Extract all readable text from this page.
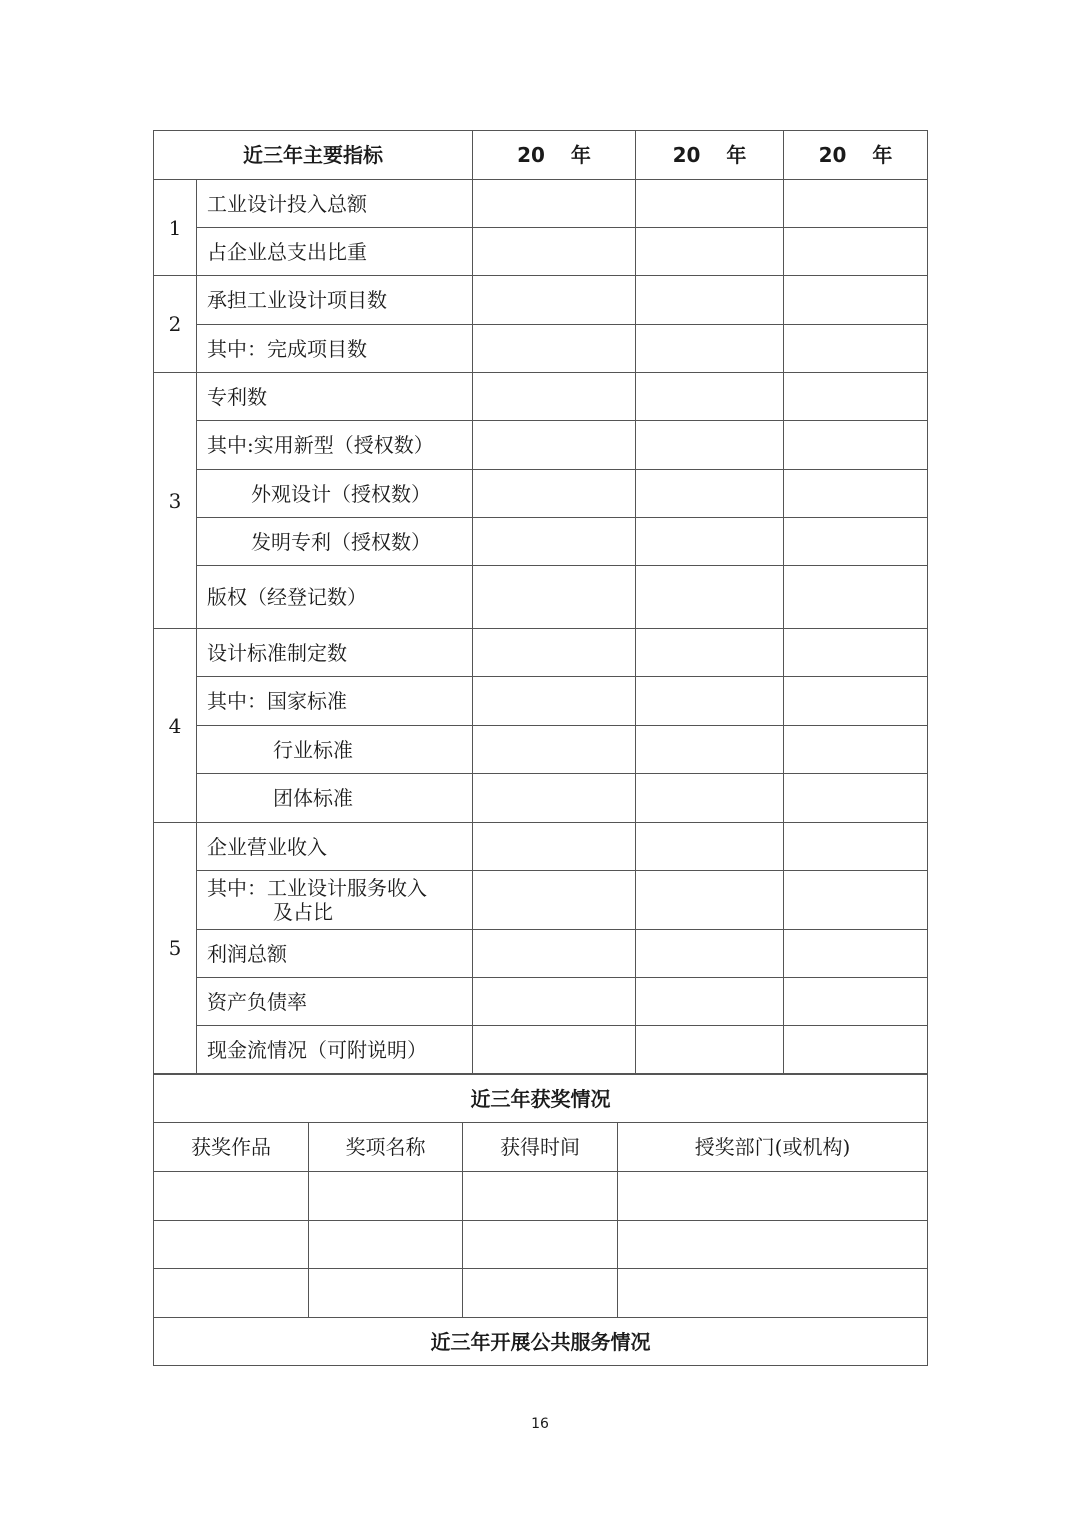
近三年主要指标		20 年	20 年	20 年
1	工业设计投入总额			
	占企业总支出比重			
2	承担工业设计项目数			
	其中：完成项目数			
3	专利数			
	其中:实用新型（授权数）			
	外观设计（授权数）			
	发明专利（授权数）			
	版权（经登记数）			
4	设计标准制定数			
	其中：国家标准			
	行业标准			
	团体标准			
5	企业营业收入			
	其中：工业设计服务收入
及占比			

	利润总额			
	资产负债率			
	现金流情况（可附说明）			
近三年获奖情况			
获奖作品	奖项名称	获得时间	授奖部门(或机构)

近三年开展公共服务情况			
16
